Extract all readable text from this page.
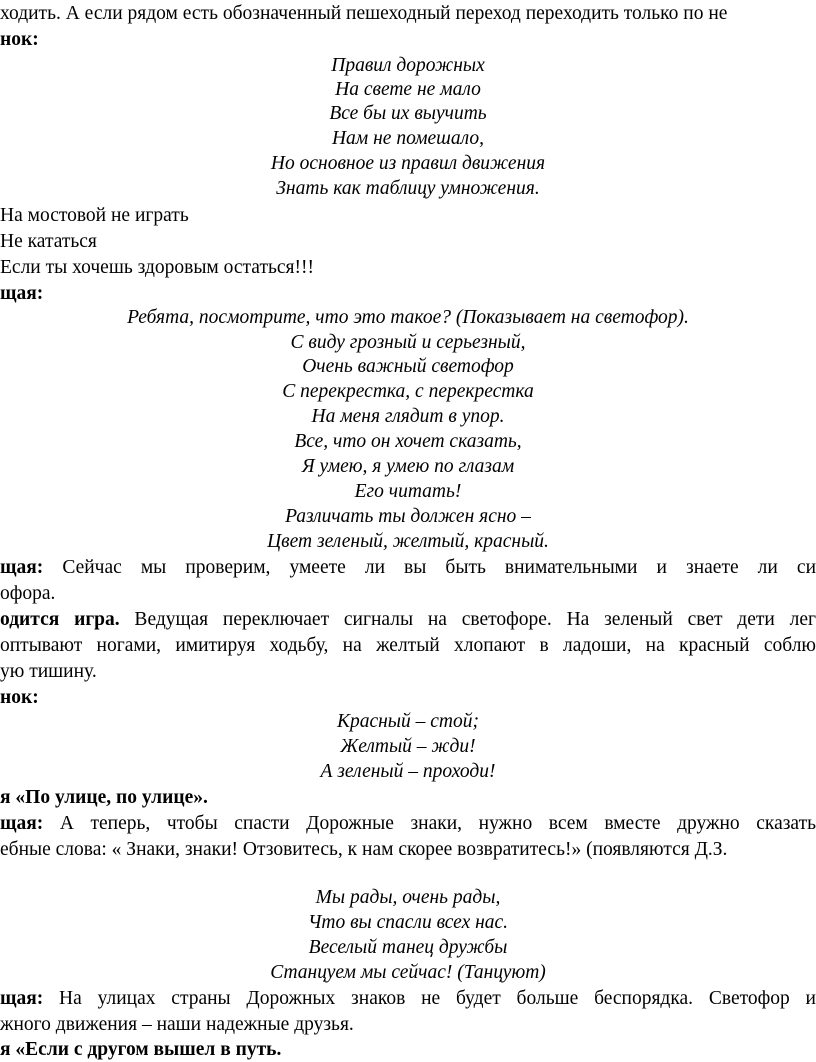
ходить. А если рядом есть обозначенный пешеходный переход переходить только по не
нок:
Правил дорожных
На свете не мало
Все бы их выучить
Нам не помешало,
Но основное из правил движения
Знать как таблицу умножения.
На мостовой не играть
Не кататься
Если ты хочешь здоровым остаться!!!
щая:
Ребята, посмотрите, что это такое? (Показывает на светофор).
С виду грозный и серьезный,
Очень важный светофор
С перекрестка, с перекрестка
На меня глядит в упор.
Все, что он хочет сказать,
Я умею, я умею по глазам
Его читать!
Различать ты должен ясно –
Цвет зеленый, желтый, красный.
щая: Сейчас мы проверим, умеете ли вы быть внимательными и знаете ли си
офора.
одится игра. Ведущая переключает сигналы на светофоре. На зеленый свет дети лег
оптывают ногами, имитируя ходьбу, на желтый хлопают в ладоши, на красный соблю
ую тишину.
нок:
Красный – стой;
Желтый – жди!
А зеленый – проходи!
я «По улице, по улице».
щая: А теперь, чтобы спасти Дорожные знаки, нужно всем вместе дружно сказать
ебные слова: « Знаки, знаки! Отзовитесь, к нам скорее возвратитесь!» (появляются Д.З.
Мы рады, очень рады,
Что вы спасли всех нас.
Веселый танец дружбы
Станцуем мы сейчас! (Танцуют)
щая: На улицах страны Дорожных знаков не будет больше беспорядка. Светофор и
жного движения – наши надежные друзья.
я «Если с другом вышел в путь.
